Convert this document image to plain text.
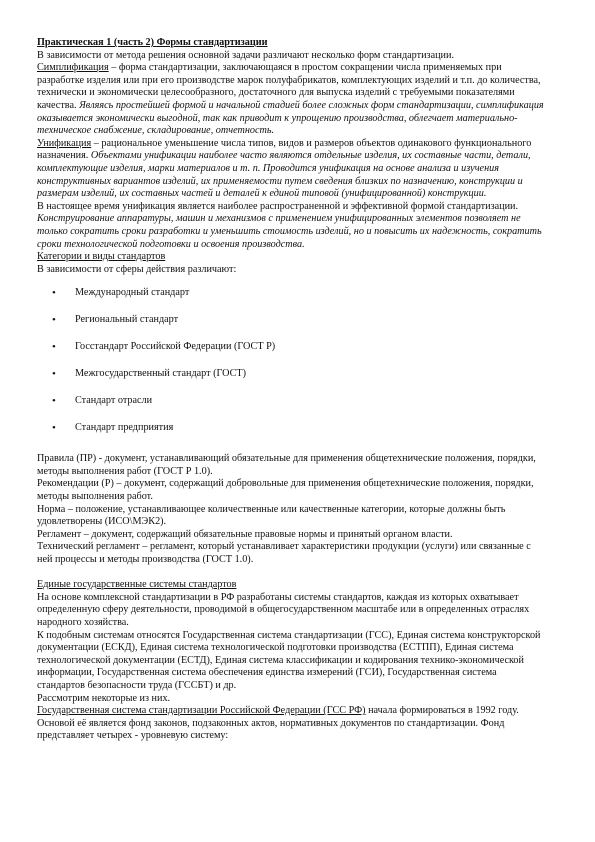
Практическая 1 (часть 2) Формы стандартизации

В зависимости от метода решения основной задачи различают несколько форм стандартизации.

Симплификация – форма стандартизации, заключающаяся в простом сокращении числа применяемых при разработке изделия или при его производстве марок полуфабрикатов, комплектующих изделий и т.п. до количества, технически и экономически целесообразного, достаточного для выпуска изделий с требуемыми показателями качества. Являясь простейшей формой и начальной стадией более сложных форм стандартизации, симплификация оказывается экономически выгодной, так как приводит к упрощению производства, облегчает материально-техническое снабжение, складирование, отчетность.

Унификация – рациональное уменьшение числа типов, видов и размеров объектов одинакового функционального назначения. Объектами унификации наиболее часто являются отдельные изделия, их составные части, детали, комплектующие изделия, марки материалов и т. п. Проводится унификация на основе анализа и изучения конструктивных вариантов изделий, их применяемости путем сведения близких по назначению, конструкции и размерам изделий, их составных частей и деталей к единой типовой (унифицированной) конструкции.

В настоящее время унификация является наиболее распространенной и эффективной формой стандартизации. Конструирование аппаратуры, машин и механизмов с применением унифицированных элементов позволяет не только сократить сроки разработки и уменьшить стоимость изделий, но и повысить их надежность, сократить сроки технологической подготовки и освоения производства.

Категории и виды стандартов

В зависимости от сферы действия различают:

• Международный стандарт
• Региональный стандарт
• Госстандарт Российской Федерации (ГОСТ Р)
• Межгосударственный стандарт (ГОСТ)
• Стандарт отрасли
• Стандарт предприятия

Правила (ПР) - документ, устанавливающий обязательные для применения общетехнические положения, порядки, методы выполнения работ (ГОСТ Р 1.0).

Рекомендации (Р) – документ, содержащий добровольные для применения общетехнические положения, порядки, методы выполнения работ.

Норма – положение, устанавливающее количественные или качественные категории, которые должны быть удовлетворены (ИСО\МЭК2).

Регламент – документ, содержащий обязательные правовые нормы и принятый органом власти.

Технический регламент – регламент, который устанавливает характеристики продукции (услуги) или связанные с ней процессы и методы производства (ГОСТ 1.0).

Единые государственные системы стандартов

На основе комплексной стандартизации в РФ разработаны системы стандартов, каждая из которых охватывает определенную сферу деятельности, проводимой в общегосударственном масштабе или в определенных отраслях народного хозяйства.

К подобным системам относятся Государственная система стандартизации (ГСС), Единая система конструкторской документации (ЕСКД), Единая система технологической подготовки производства (ЕСТПП), Единая система технологической документации (ЕСТД), Единая система классификации и кодирования технико-экономической информации, Государственная система обеспечения единства измерений (ГСИ), Государственная система стандартов безопасности труда (ГССБТ) и др.

Рассмотрим некоторые из них.

Государственная система стандартизации Российской Федерации (ГСС РФ) начала формироваться в 1992 году. Основой её является фонд законов, подзаконных актов, нормативных документов по стандартизации. Фонд представляет четырех - уровневую систему:
